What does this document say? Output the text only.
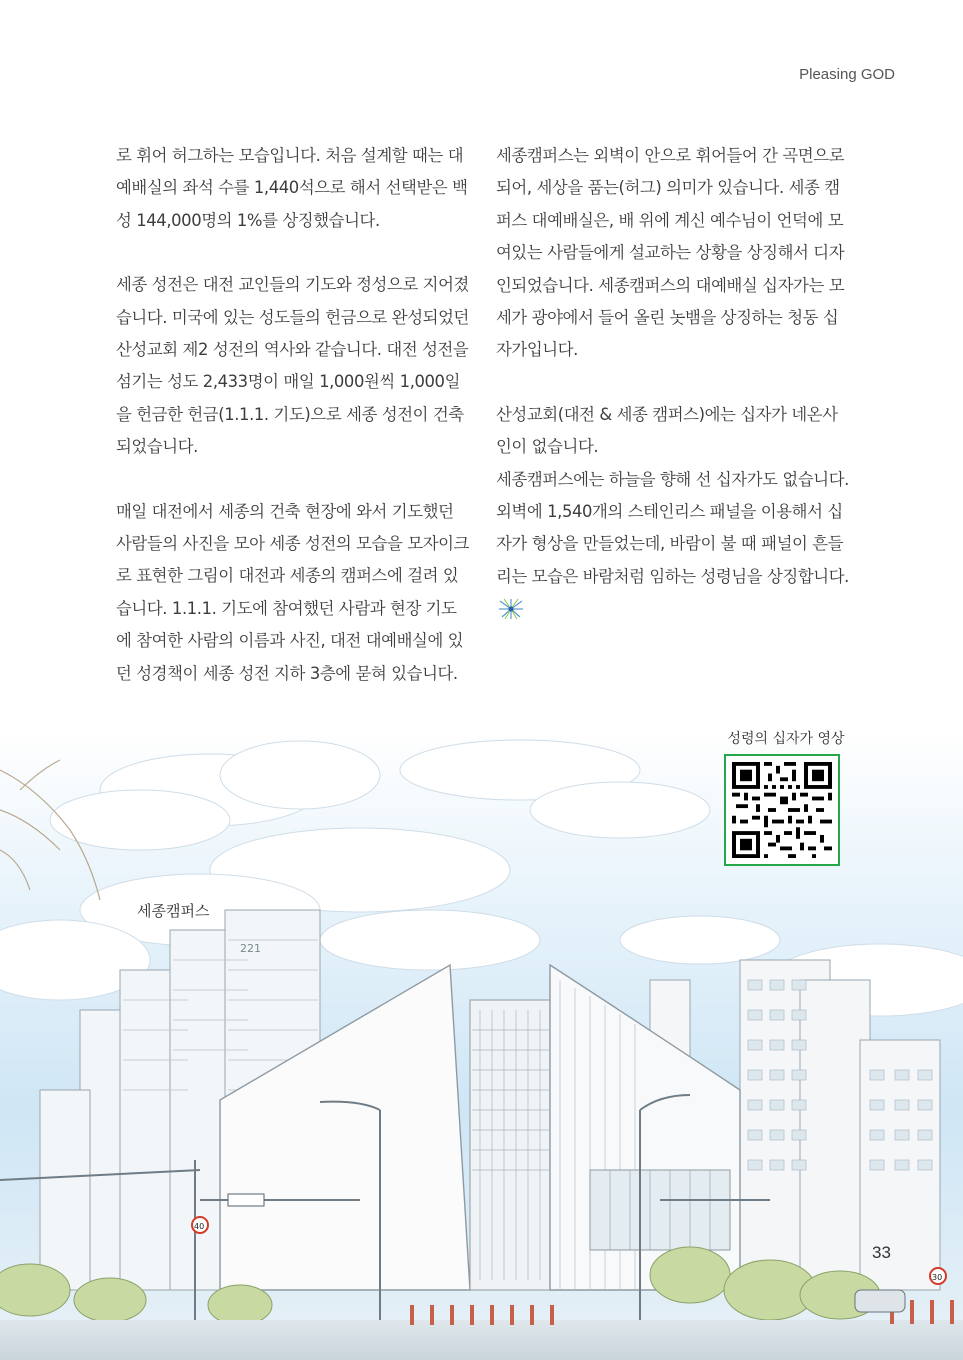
Pleasing GOD

로 휘어 허그하는 모습입니다. 처음 설계할 때는 대예배실의 좌석 수를 1,440석으로 해서 선택받은 백성 144,000명의 1%를 상징했습니다.

세종 성전은 대전 교인들의 기도와 정성으로 지어졌습니다. 미국에 있는 성도들의 헌금으로 완성되었던 산성교회 제2 성전의 역사와 같습니다. 대전 성전을 섬기는 성도 2,433명이 매일 1,000원씩 1,000일을 헌금한 헌금(1.1.1. 기도)으로 세종 성전이 건축되었습니다.

매일 대전에서 세종의 건축 현장에 와서 기도했던 사람들의 사진을 모아 세종 성전의 모습을 모자이크로 표현한 그림이 대전과 세종의 캠퍼스에 걸려 있습니다. 1.1.1. 기도에 참여했던 사람과 현장 기도에 참여한 사람의 이름과 사진, 대전 대예배실에 있던 성경책이 세종 성전 지하 3층에 묻혀 있습니다.

세종캠퍼스는 외벽이 안으로 휘어들어 간 곡면으로 되어, 세상을 품는(허그) 의미가 있습니다. 세종 캠퍼스 대예배실은, 배 위에 계신 예수님이 언덕에 모여있는 사람들에게 설교하는 상황을 상징해서 디자인되었습니다. 세종캠퍼스의 대예배실 십자가는 모세가 광야에서 들어 올린 놋뱀을 상징하는 청동 십자가입니다.

산성교회(대전 & 세종 캠퍼스)에는 십자가 네온사인이 없습니다.

세종캠퍼스에는 하늘을 향해 선 십자가도 없습니다.

외벽에 1,540개의 스테인리스 패널을 이용해서 십자가 형상을 만들었는데, 바람이 불 때 패널이 흔들리는 모습은 바람처럼 임하는 성령님을 상징합니다.

221
40
30
성령의 십자가 영상
세종캠퍼스
33
